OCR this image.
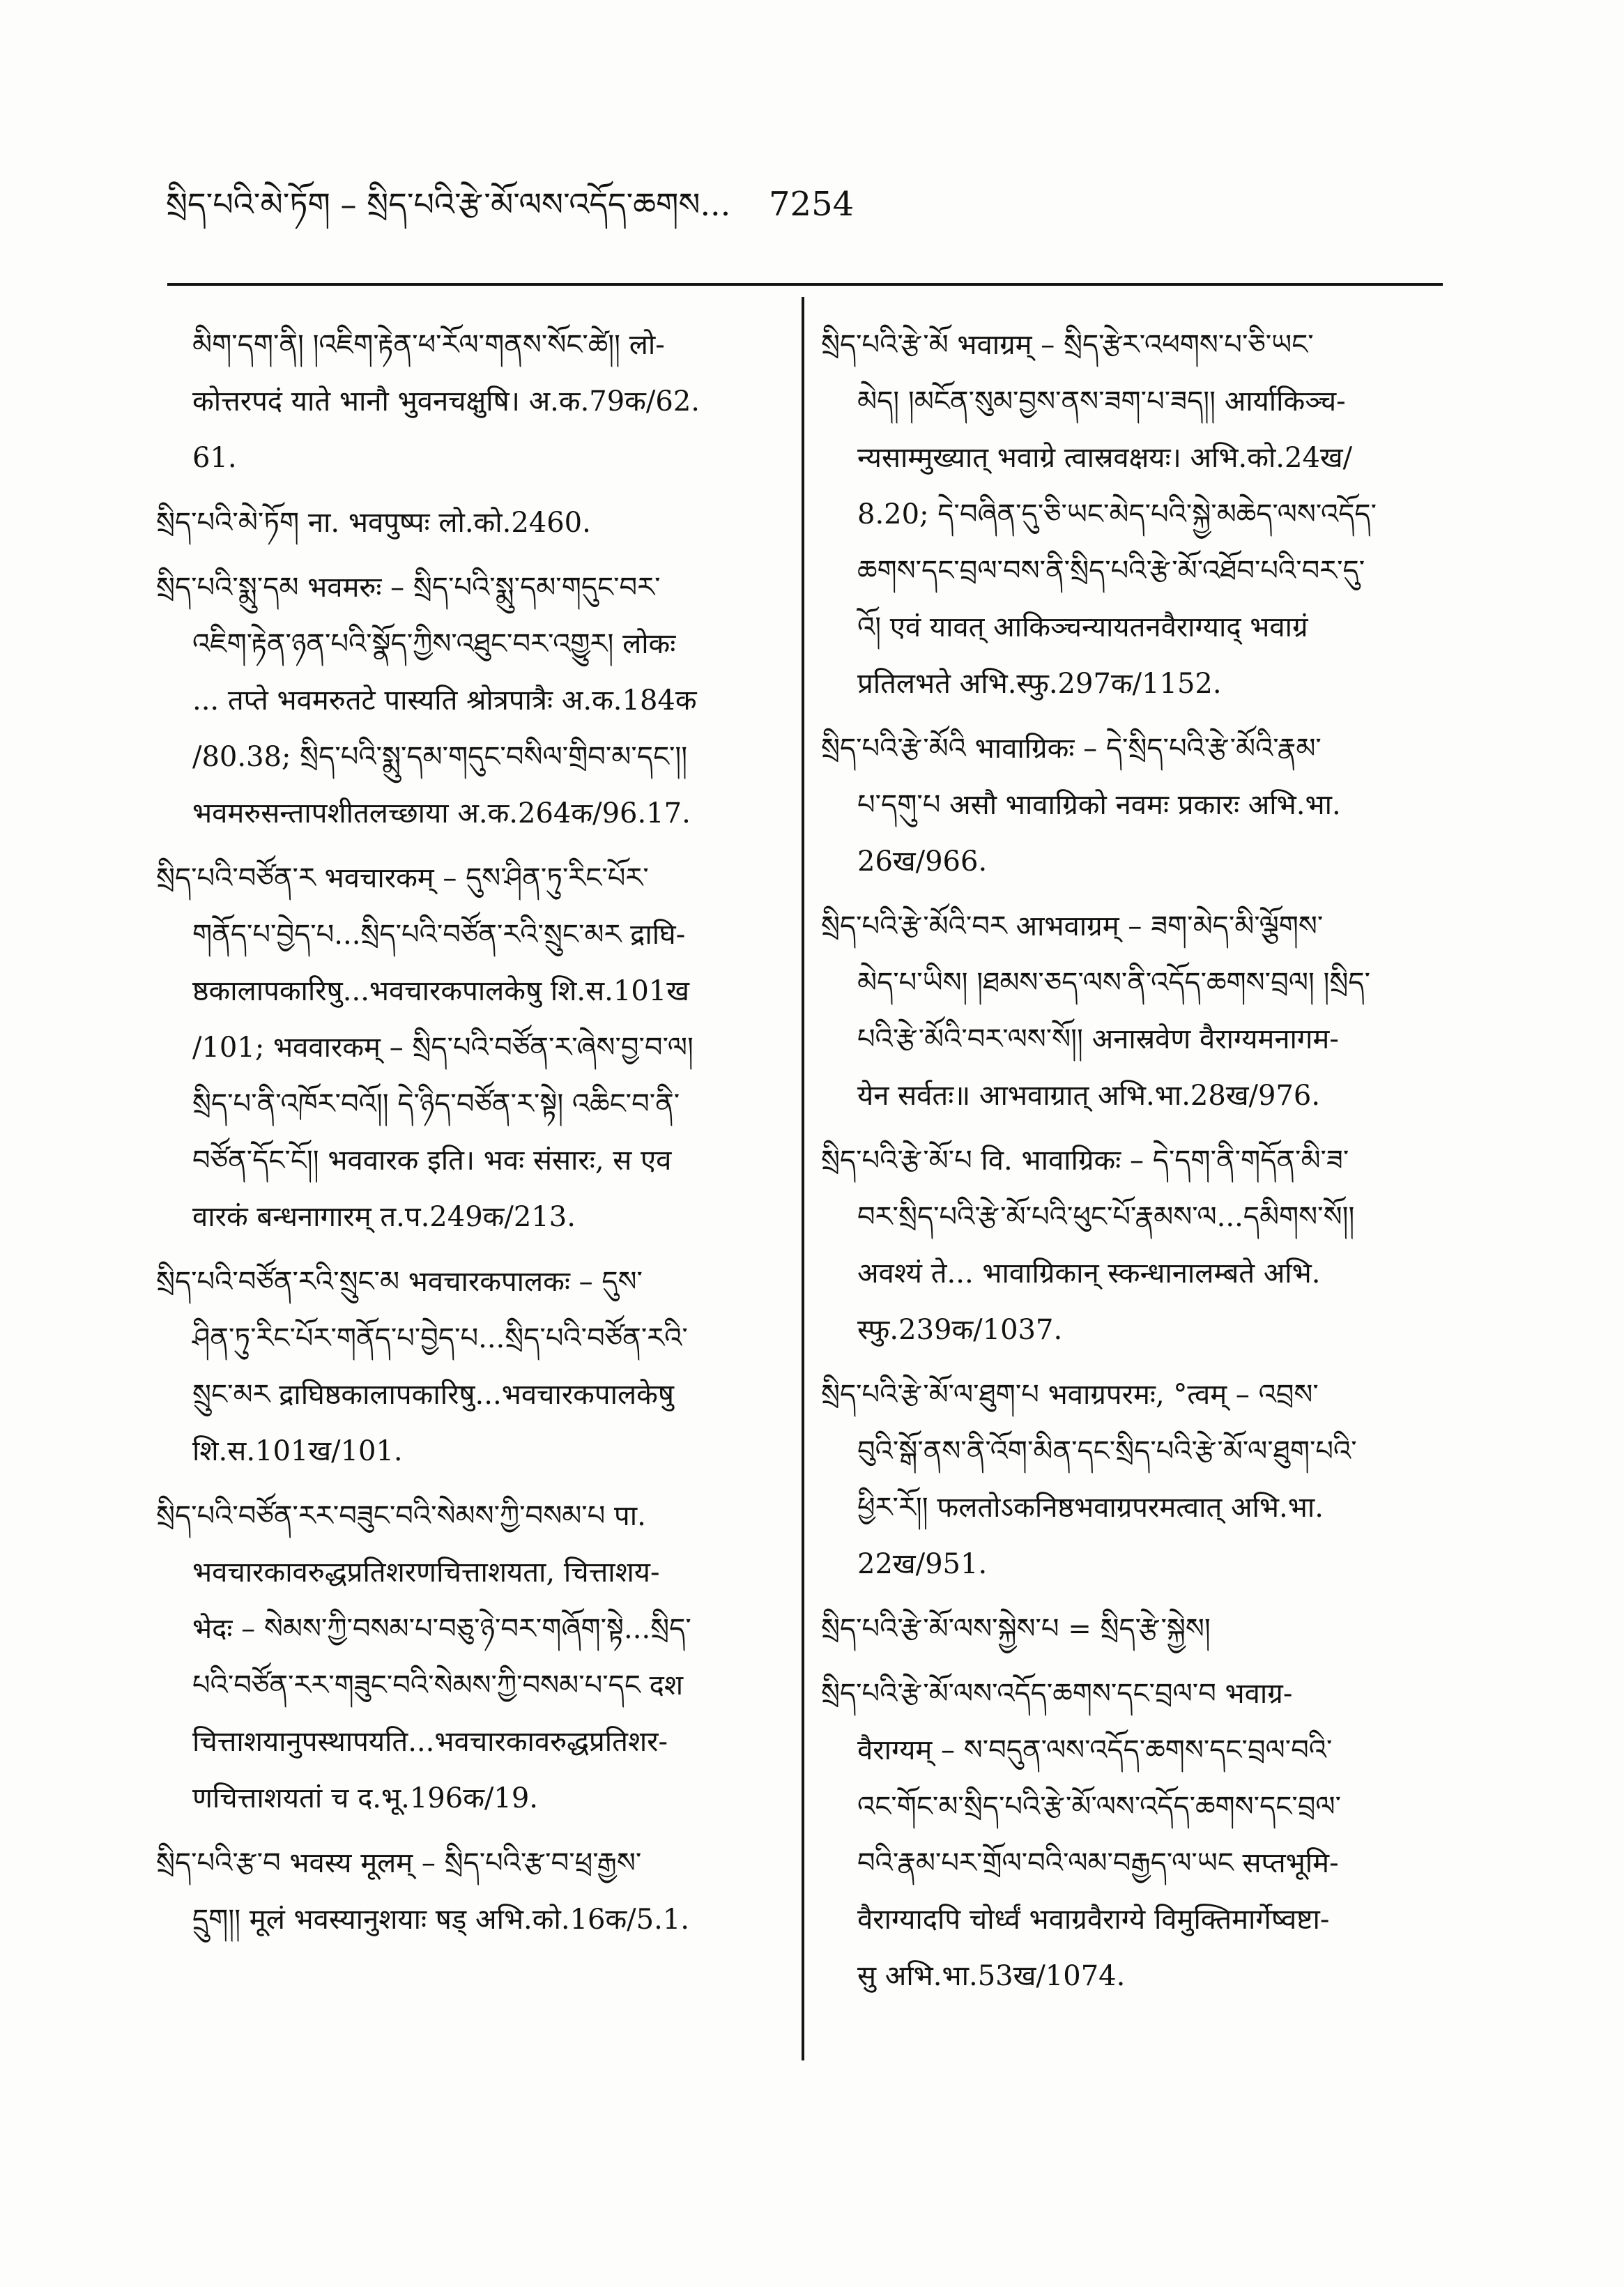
སྲིད་པའི་མེ་ཏོག – སྲིད་པའི་རྩེ་མོ་ལས་འདོད་ཆགས... 7254
མིག་དག་ནི། །འཇིག་རྟེན་ཕ་རོལ་གནས་སོང་ཚེ།། लो-
कोत्तरपदं याते भानौ भुवनचक्षुषि। अ.क.79क/62.
61.
སྲིད་པའི་མེ་ཏོག ना. भवपुष्पः लो.को.2460.
སྲིད་པའི་སྨུ་དམ भवमरुः – སྲིད་པའི་སྨུ་དམ་གདུང་བར་
འཇིག་རྟེན་ཉན་པའི་སྣོད་ཀྱིས་འཐུང་བར་འགྱུར། लोकः
... तप्ते भवमरुतटे पास्यति श्रोत्रपात्रैः अ.क.184क
/80.38; སྲིད་པའི་སྨུ་དམ་གདུང་བསིལ་གྲིབ་མ་དང་།།
भवमरुसन्तापशीतलच्छाया अ.क.264क/96.17.
སྲིད་པའི་བཙོན་ར भवचारकम् – དུས་ཤིན་ཏུ་རིང་པོར་
གནོད་པ་བྱེད་པ...སྲིད་པའི་བཙོན་རའི་སྲུང་མར द्राघि-
ष्ठकालापकारिषु...भवचारकपालकेषु शि.स.101ख
/101; भववारकम् – སྲིད་པའི་བཙོན་ར་ཞེས་བྱ་བ་ལ།
སྲིད་པ་ནི་འཁོར་བའོ།། དེ་ཉིད་བཙོན་ར་སྟེ། འཆིང་བ་ནི་
བཙོན་དོང་ངོ།། भववारक इति। भवः संसारः, स एव
वारकं बन्धनागारम् त.प.249क/213.
སྲིད་པའི་བཙོན་རའི་སྲུང་མ भवचारकपालकः – དུས་
ཤིན་ཏུ་རིང་པོར་གནོད་པ་བྱེད་པ...སྲིད་པའི་བཙོན་རའི་
སྲུང་མར द्राघिष्ठकालापकारिषु...भवचारकपालकेषु
शि.स.101ख/101.
སྲིད་པའི་བཙོན་རར་བཟུང་བའི་སེམས་ཀྱི་བསམ་པ पा.
भवचारकावरुद्धप्रतिशरणचित्ताशयता, चित्ताशय-
भेदः – སེམས་ཀྱི་བསམ་པ་བཅུ་ཉེ་བར་གཞོག་སྟེ...སྲིད་
པའི་བཙོན་རར་གཟུང་བའི་སེམས་ཀྱི་བསམ་པ་དང दश
चित्ताशयानुपस्थापयति...भवचारकावरुद्धप्रतिशर-
णचित्ताशयतां च द.भू.196क/19.
སྲིད་པའི་རྩ་བ भवस्य मूलम् – སྲིད་པའི་རྩ་བ་ཕྲ་རྒྱས་
དྲུག།། मूलं भवस्यानुशयाः षड् अभि.को.16क/5.1.
སྲིད་པའི་རྩེ་མོ भवाग्रम् – སྲིད་རྩེར་འཕགས་པ་ཅི་ཡང་
མེད། །མངོན་སུམ་བྱས་ནས་ཟག་པ་ཟད།། आर्याकिञ्च-
न्यसाम्मुख्यात् भवाग्रे त्वास्रवक्षयः। अभि.को.24ख/
8.20; དེ་བཞིན་དུ་ཅི་ཡང་མེད་པའི་སྐྱེ་མཆེད་ལས་འདོད་
ཆགས་དང་བྲལ་བས་ནི་སྲིད་པའི་རྩེ་མོ་འཐོབ་པའི་བར་དུ་
འོ། एवं यावत् आकिञ्चन्यायतनवैराग्याद् भवाग्रं
प्रतिलभते अभि.स्फु.297क/1152.
སྲིད་པའི་རྩེ་མོའི भावाग्रिकः – དེ་སྲིད་པའི་རྩེ་མོའི་རྣམ་
པ་དགུ་པ असौ भावाग्रिको नवमः प्रकारः अभि.भा.
26ख/966.
སྲིད་པའི་རྩེ་མོའི་བར आभवाग्रम् – ཟག་མེད་མི་ལྕོགས་
མེད་པ་ཡིས། །ཐམས་ཅད་ལས་ནི་འདོད་ཆགས་བྲལ། །སྲིད་
པའི་རྩེ་མོའི་བར་ལས་སོ།། अनास्रवेण वैराग्यमनागम-
येन सर्वतः॥ आभवाग्रात् अभि.भा.28ख/976.
སྲིད་པའི་རྩེ་མོ་པ वि. भावाग्रिकः – དེ་དག་ནི་གདོན་མི་ཟ་
བར་སྲིད་པའི་རྩེ་མོ་པའི་ཕུང་པོ་རྣམས་ལ...དམིགས་སོ།།
अवश्यं ते... भावाग्रिकान् स्कन्धानालम्बते अभि.
स्फु.239क/1037.
སྲིད་པའི་རྩེ་མོ་ལ་ཐུག་པ भवाग्रपरमः, °त्वम् – འབྲས་
བུའི་སྒོ་ནས་ནི་འོག་མིན་དང་སྲིད་པའི་རྩེ་མོ་ལ་ཐུག་པའི་
ཕྱིར་རོ།། फलतोऽकनिष्ठभवाग्रपरमत्वात् अभि.भा.
22ख/951.
སྲིད་པའི་རྩེ་མོ་ལས་སྐྱེས་པ = སྲིད་རྩེ་སྐྱེས།
སྲིད་པའི་རྩེ་མོ་ལས་འདོད་ཆགས་དང་བྲལ་བ भवाग्र-
वैराग्यम् – ས་བདུན་ལས་འདོད་ཆགས་དང་བྲལ་བའི་
འང་གོང་མ་སྲིད་པའི་རྩེ་མོ་ལས་འདོད་ཆགས་དང་བྲལ་
བའི་རྣམ་པར་གྲོལ་བའི་ལམ་བརྒྱད་ལ་ཡང सप्तभूमि-
वैराग्यादपि चोर्ध्वं भवाग्रवैराग्ये विमुक्तिमार्गेष्वष्टा-
सु अभि.भा.53ख/1074.
